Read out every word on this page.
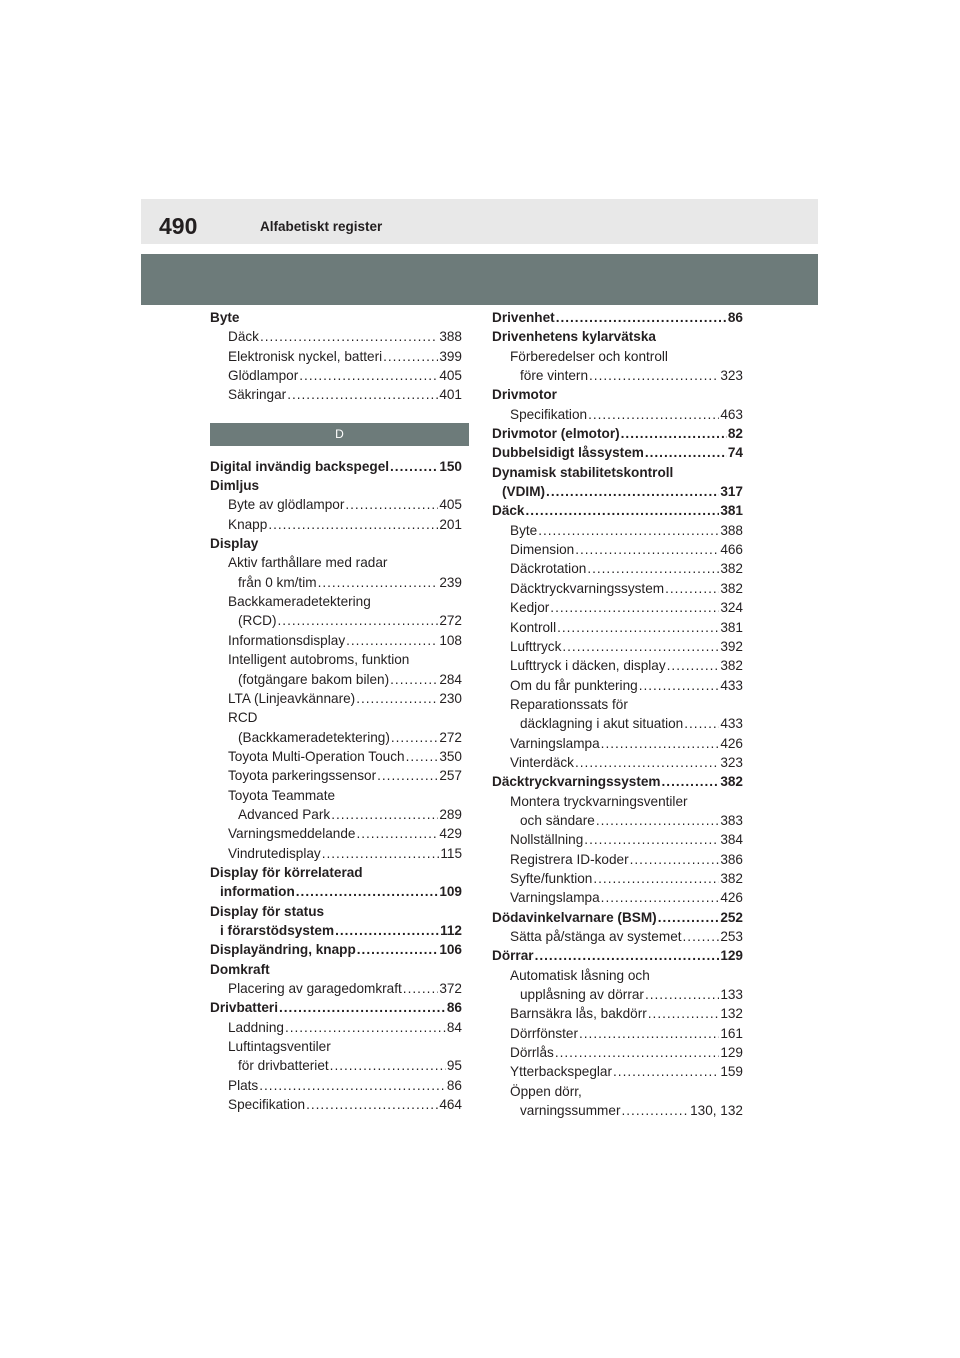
490	Alfabetiskt register
Byte
Däck .....	388
Elektronisk nyckel, batteri .....	399
Glödlampor .....	405
Säkringar .....	401
D
Digital invändig backspegel .....	150
Dimljus
Byte av glödlampor .....	405
Knapp .....	201
Display
Aktiv farthållare med radar
från 0 km/tim .....	239
Backkameradetektering
(RCD) .....	272
Informationsdisplay .....	108
Intelligent autobroms, funktion
(fotgängare bakom bilen) .....	284
LTA (Linjeavkännare) .....	230
RCD
(Backkameradetektering) .....	272
Toyota Multi-Operation Touch .....	350
Toyota parkeringssensor .....	257
Toyota Teammate
Advanced Park .....	289
Varningsmeddelande .....	429
Vindrutedisplay .....	115
Display för körrelaterad
information .....	109
Display för status
i förarstödsystem .....	112
Displayändring, knapp .....	106
Domkraft
Placering av garagedomkraft .....	372
Drivbatteri .....	86
Laddning .....	84
Luftintagsventiler
för drivbatteriet .....	95
Plats .....	86
Specifikation .....	464
Drivenhet .....	86
Drivenhetens kylarvätska
Förberedelser och kontroll
före vintern .....	323
Drivmotor
Specifikation .....	463
Drivmotor (elmotor) .....	82
Dubbelsidigt låssystem .....	74
Dynamisk stabilitetskontroll
(VDIM) .....	317
Däck .....	381
Byte .....	388
Dimension .....	466
Däckrotation .....	382
Däcktryckvarningssystem .....	382
Kedjor .....	324
Kontroll .....	381
Lufttryck .....	392
Lufttryck i däcken, display .....	382
Om du får punktering .....	433
Reparationssats för
däcklagning i akut situation .....	433
Varningslampa .....	426
Vinterdäck .....	323
Däcktryckvarningssystem .....	382
Montera tryckvarningsventiler
och sändare .....	383
Nollställning .....	384
Registrera ID-koder .....	386
Syfte/funktion .....	382
Varningslampa .....	426
Dödavinkelvarnare (BSM) .....	252
Sätta på/stänga av systemet .....	253
Dörrar .....	129
Automatisk låsning och
upplåsning av dörrar .....	133
Barnsäkra lås, bakdörr .....	132
Dörrfönster .....	161
Dörrlås .....	129
Ytterbackspeglar .....	159
Öppen dörr,
varningssummer .....	130, 132
